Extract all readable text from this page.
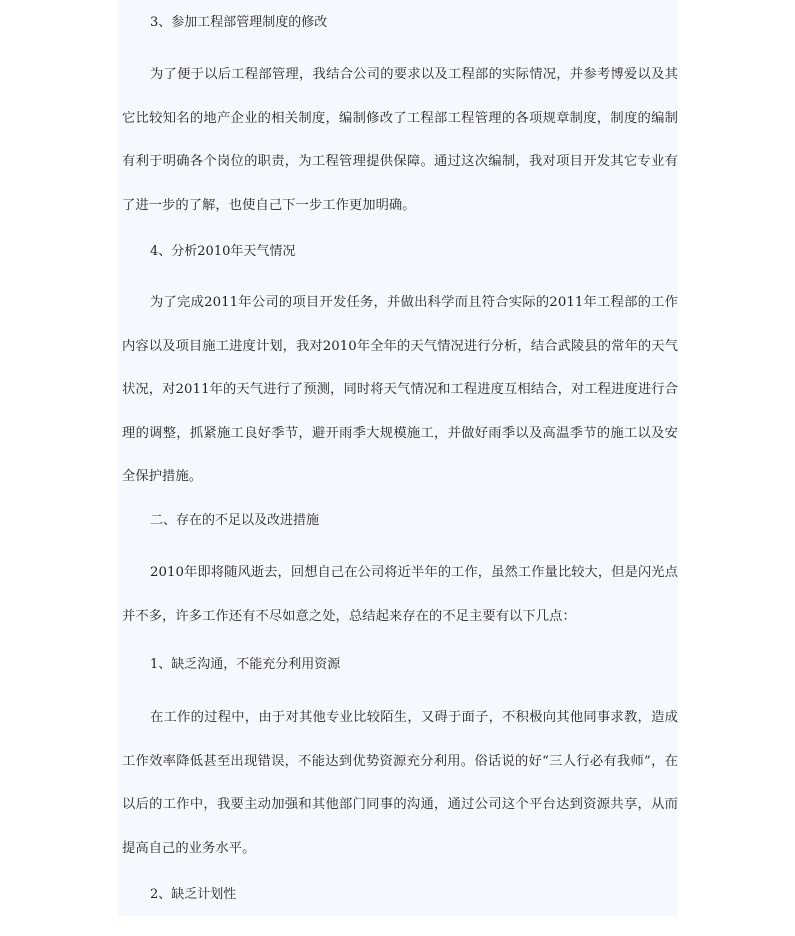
3、参加工程部管理制度的修改

为了便于以后工程部管理，我结合公司的要求以及工程部的实际情况，并参考博爱以及其它比较知名的地产企业的相关制度，编制修改了工程部工程管理的各项规章制度，制度的编制有利于明确各个岗位的职责，为工程管理提供保障。通过这次编制，我对项目开发其它专业有了进一步的了解，也使自己下一步工作更加明确。

4、分析2010年天气情况

为了完成2011年公司的项目开发任务，并做出科学而且符合实际的2011年工程部的工作内容以及项目施工进度计划，我对2010年全年的天气情况进行分析，结合武陵县的常年的天气状况，对2011年的天气进行了预测，同时将天气情况和工程进度互相结合，对工程进度进行合理的调整，抓紧施工良好季节，避开雨季大规模施工，并做好雨季以及高温季节的施工以及安全保护措施。

二、存在的不足以及改进措施

2010年即将随风逝去，回想自己在公司将近半年的工作，虽然工作量比较大，但是闪光点并不多，许多工作还有不尽如意之处，总结起来存在的不足主要有以下几点：

1、缺乏沟通，不能充分利用资源

在工作的过程中，由于对其他专业比较陌生，又碍于面子，不积极向其他同事求教，造成工作效率降低甚至出现错误，不能达到优势资源充分利用。俗话说的好“三人行必有我师”，在以后的工作中，我要主动加强和其他部门同事的沟通，通过公司这个平台达到资源共享，从而提高自己的业务水平。

2、缺乏计划性
